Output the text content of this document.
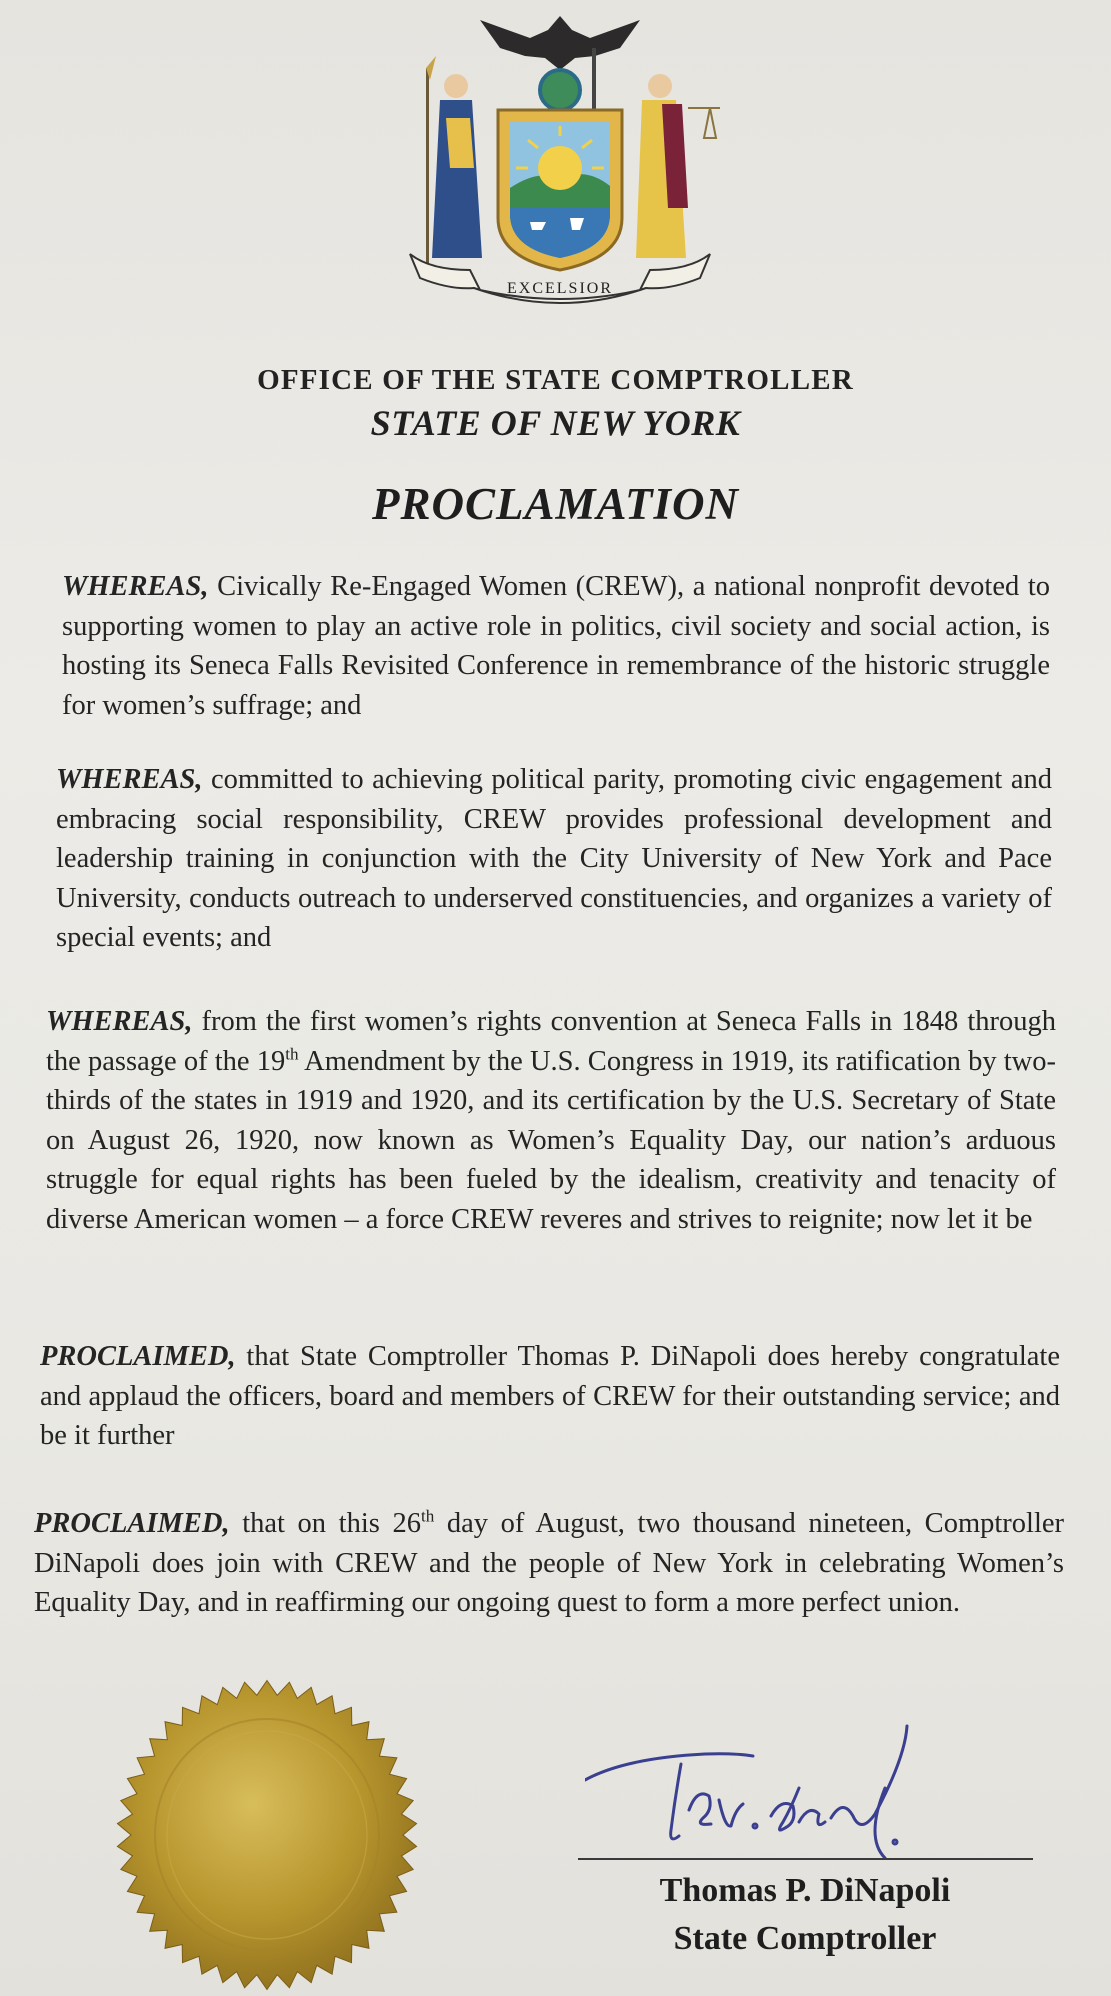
EXCELSIOR
OFFICE OF THE STATE COMPTROLLER
STATE OF NEW YORK
PROCLAMATION

WHEREAS, Civically Re-Engaged Women (CREW), a national nonprofit devoted to supporting women to play an active role in politics, civil society and social action, is hosting its Seneca Falls Revisited Conference in remembrance of the historic struggle for women’s suffrage; and

WHEREAS, committed to achieving political parity, promoting civic engagement and embracing social responsibility, CREW provides professional development and leadership training in conjunction with the City University of New York and Pace University, conducts outreach to underserved constituencies, and organizes a variety of special events; and

WHEREAS, from the first women’s rights convention at Seneca Falls in 1848 through the passage of the 19th Amendment by the U.S. Congress in 1919, its ratification by two-thirds of the states in 1919 and 1920, and its certification by the U.S. Secretary of State on August 26, 1920, now known as Women’s Equality Day, our nation’s arduous struggle for equal rights has been fueled by the idealism, creativity and tenacity of diverse American women – a force CREW reveres and strives to reignite; now let it be

PROCLAIMED, that State Comptroller Thomas P. DiNapoli does hereby congratulate and applaud the officers, board and members of CREW for their outstanding service; and be it further

PROCLAIMED, that on this 26th day of August, two thousand nineteen, Comptroller DiNapoli does join with CREW and the people of New York in celebrating Women’s Equality Day, and in reaffirming our ongoing quest to form a more perfect union.

Thomas P. DiNapoli
State Comptroller
